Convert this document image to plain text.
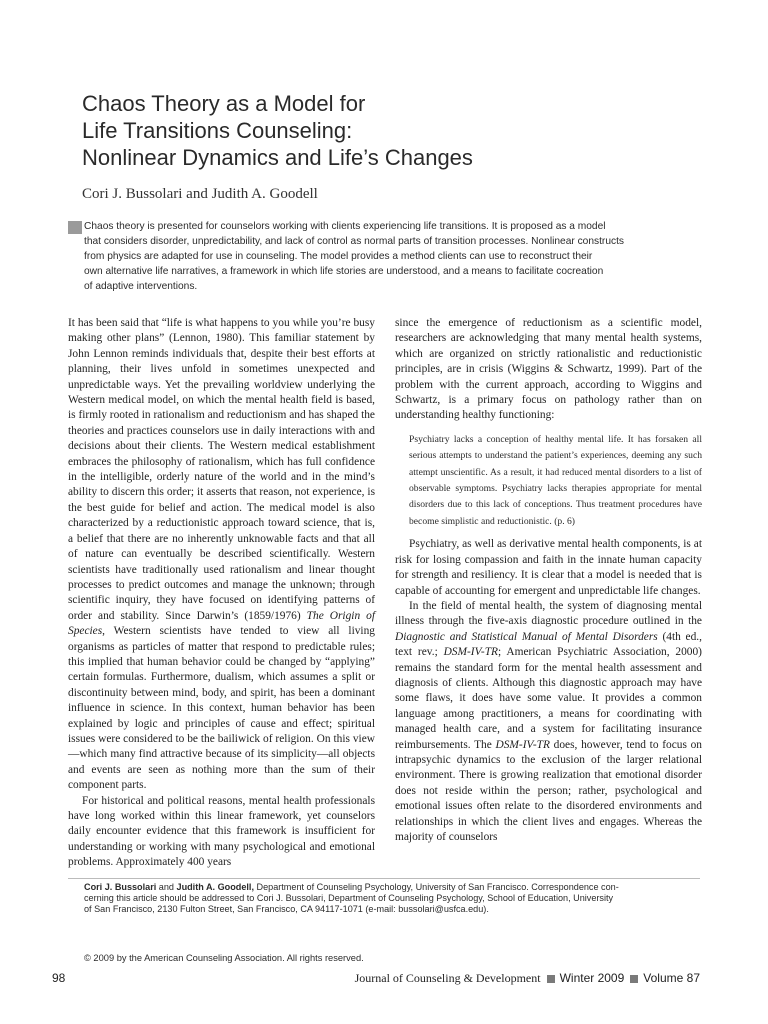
Chaos Theory as a Model for
Life Transitions Counseling:
Nonlinear Dynamics and Life’s Changes
Cori J. Bussolari and Judith A. Goodell
Chaos theory is presented for counselors working with clients experiencing life transitions. It is proposed as a model
that considers disorder, unpredictability, and lack of control as normal parts of transition processes. Nonlinear constructs
from physics are adapted for use in counseling. The model provides a method clients can use to reconstruct their
own alternative life narratives, a framework in which life stories are understood, and a means to facilitate cocreation
of adaptive interventions.

It has been said that “life is what happens to you while you’re busy making other plans” (Lennon, 1980). This familiar statement by John Lennon reminds individuals that, despite their best efforts at planning, their lives unfold in sometimes unexpected and unpredictable ways. Yet the prevailing worldview underlying the Western medical model, on which the mental health field is based, is firmly rooted in rationalism and reductionism and has shaped the theories and practices counselors use in daily interactions with and decisions about their clients. The Western medical establishment embraces the philosophy of rationalism, which has full confidence in the intelligible, orderly nature of the world and in the mind’s ability to discern this order; it asserts that reason, not experience, is the best guide for belief and action. The medical model is also characterized by a reductionistic approach toward science, that is, a belief that there are no inherently unknowable facts and that all of nature can eventually be described scientifically. Western scientists have traditionally used rationalism and linear thought processes to predict outcomes and manage the unknown; through scientific inquiry, they have focused on identifying patterns of order and stability. Since Darwin’s (1859/1976) The Origin of Species, Western scientists have tended to view all living organisms as particles of matter that respond to predictable rules; this implied that human behavior could be changed by “applying” certain formulas. Furthermore, dualism, which assumes a split or discontinuity between mind, body, and spirit, has been a dominant influence in science. In this context, human behavior has been explained by logic and principles of cause and effect; spiritual issues were considered to be the bailiwick of religion. On this view—which many find attractive because of its simplicity—all objects and events are seen as nothing more than the sum of their component parts.

For historical and political reasons, mental health professionals have long worked within this linear framework, yet counselors daily encounter evidence that this framework is insufficient for understanding or working with many psychological and emotional problems. Approximately 400 years

since the emergence of reductionism as a scientific model, researchers are acknowledging that many mental health systems, which are organized on strictly rationalistic and reductionistic principles, are in crisis (Wiggins & Schwartz, 1999). Part of the problem with the current approach, according to Wiggins and Schwartz, is a primary focus on pathology rather than on understanding healthy functioning:

Psychiatry lacks a conception of healthy mental life. It has forsaken all serious attempts to understand the patient’s experiences, deeming any such attempt unscientific. As a result, it had reduced mental disorders to a list of observable symptoms. Psychiatry lacks therapies appropriate for mental disorders due to this lack of conceptions. Thus treatment procedures have become simplistic and reductionistic. (p. 6)

Psychiatry, as well as derivative mental health components, is at risk for losing compassion and faith in the innate human capacity for strength and resiliency. It is clear that a model is needed that is capable of accounting for emergent and unpredictable life changes.

In the field of mental health, the system of diagnosing mental illness through the five-axis diagnostic procedure outlined in the Diagnostic and Statistical Manual of Mental Disorders (4th ed., text rev.; DSM-IV-TR; American Psychiatric Association, 2000) remains the standard form for the mental health assessment and diagnosis of clients. Although this diagnostic approach may have some flaws, it does have some value. It provides a common language among practitioners, a means for coordinating with managed health care, and a system for facilitating insurance reimbursements. The DSM-IV-TR does, however, tend to focus on intrapsychic dynamics to the exclusion of the larger relational environment. There is growing realization that emotional disorder does not reside within the person; rather, psychological and emotional issues often relate to the disordered environments and relationships in which the client lives and engages. Whereas the majority of counselors

Cori J. Bussolari and Judith A. Goodell, Department of Counseling Psychology, University of San Francisco. Correspondence con-
cerning this article should be addressed to Cori J. Bussolari, Department of Counseling Psychology, School of Education, University
of San Francisco, 2130 Fulton Street, San Francisco, CA 94117-1071 (e-mail: bussolari@usfca.edu).
© 2009 by the American Counseling Association. All rights reserved.
98	Journal of Counseling & Development Winter 2009 Volume 87
